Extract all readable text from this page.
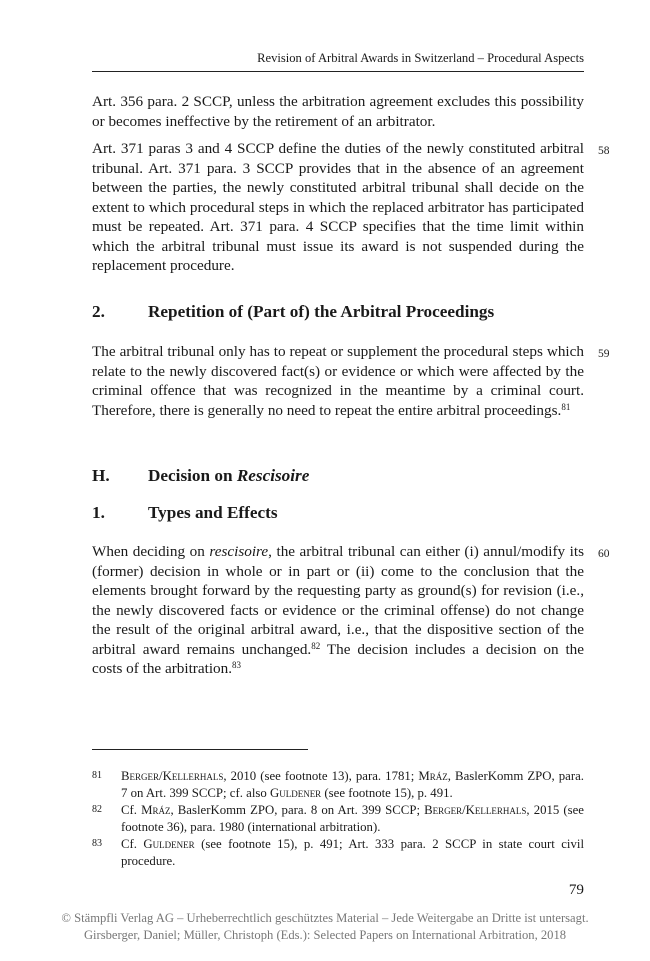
Revision of Arbitral Awards in Switzerland – Procedural Aspects

Art. 356 para. 2 SCCP, unless the arbitration agreement excludes this possibility or becomes ineffective by the retirement of an arbitrator.

58

Art. 371 paras 3 and 4 SCCP define the duties of the newly constituted arbitral tribunal. Art. 371 para. 3 SCCP provides that in the absence of an agreement between the parties, the newly constituted arbitral tribunal shall decide on the extent to which procedural steps in which the replaced arbitrator has participated must be repeated. Art. 371 para. 4 SCCP specifies that the time limit within which the arbitral tribunal must issue its award is not suspended during the replacement procedure.

2.	Repetition of (Part of) the Arbitral Proceedings
59

The arbitral tribunal only has to repeat or supplement the procedural steps which relate to the newly discovered fact(s) or evidence or which were affected by the criminal offence that was recognized in the meantime by a criminal court. Therefore, there is generally no need to repeat the entire arbitral proceedings.$^{81}$

H. Decision on Rescisoire
1.	Types and Effects
60

When deciding on rescisoire, the arbitral tribunal can either (i) annul/modify its (former) decision in whole or in part or (ii) come to the conclusion that the elements brought forward by the requesting party as ground(s) for revision (i.e., the newly discovered facts or evidence or the criminal offense) do not change the result of the original arbitral award, i.e., that the dispositive section of the arbitral award remains unchanged.$^{82}$ The decision includes a decision on the costs of the arbitration.$^{83}$

81 Berger/Kellerhals, 2010 (see footnote 13), para. 1781; Mráz, BaslerKomm ZPO, para. 7 on Art. 399 SCCP; cf. also Guldener (see footnote 15), p. 491.
82 Cf. Mráz, BaslerKomm ZPO, para. 8 on Art. 399 SCCP; Berger/Kellerhals, 2015 (see footnote 36), para. 1980 (international arbitration).
83 Cf. Guldener (see footnote 15), p. 491; Art. 333 para. 2 SCCP in state court civil procedure.
79
© Stämpfli Verlag AG – Urheberrechtlich geschütztes Material – Jede Weitergabe an Dritte ist untersagt.
Girsberger, Daniel; Müller, Christoph (Eds.): Selected Papers on International Arbitration, 2018
